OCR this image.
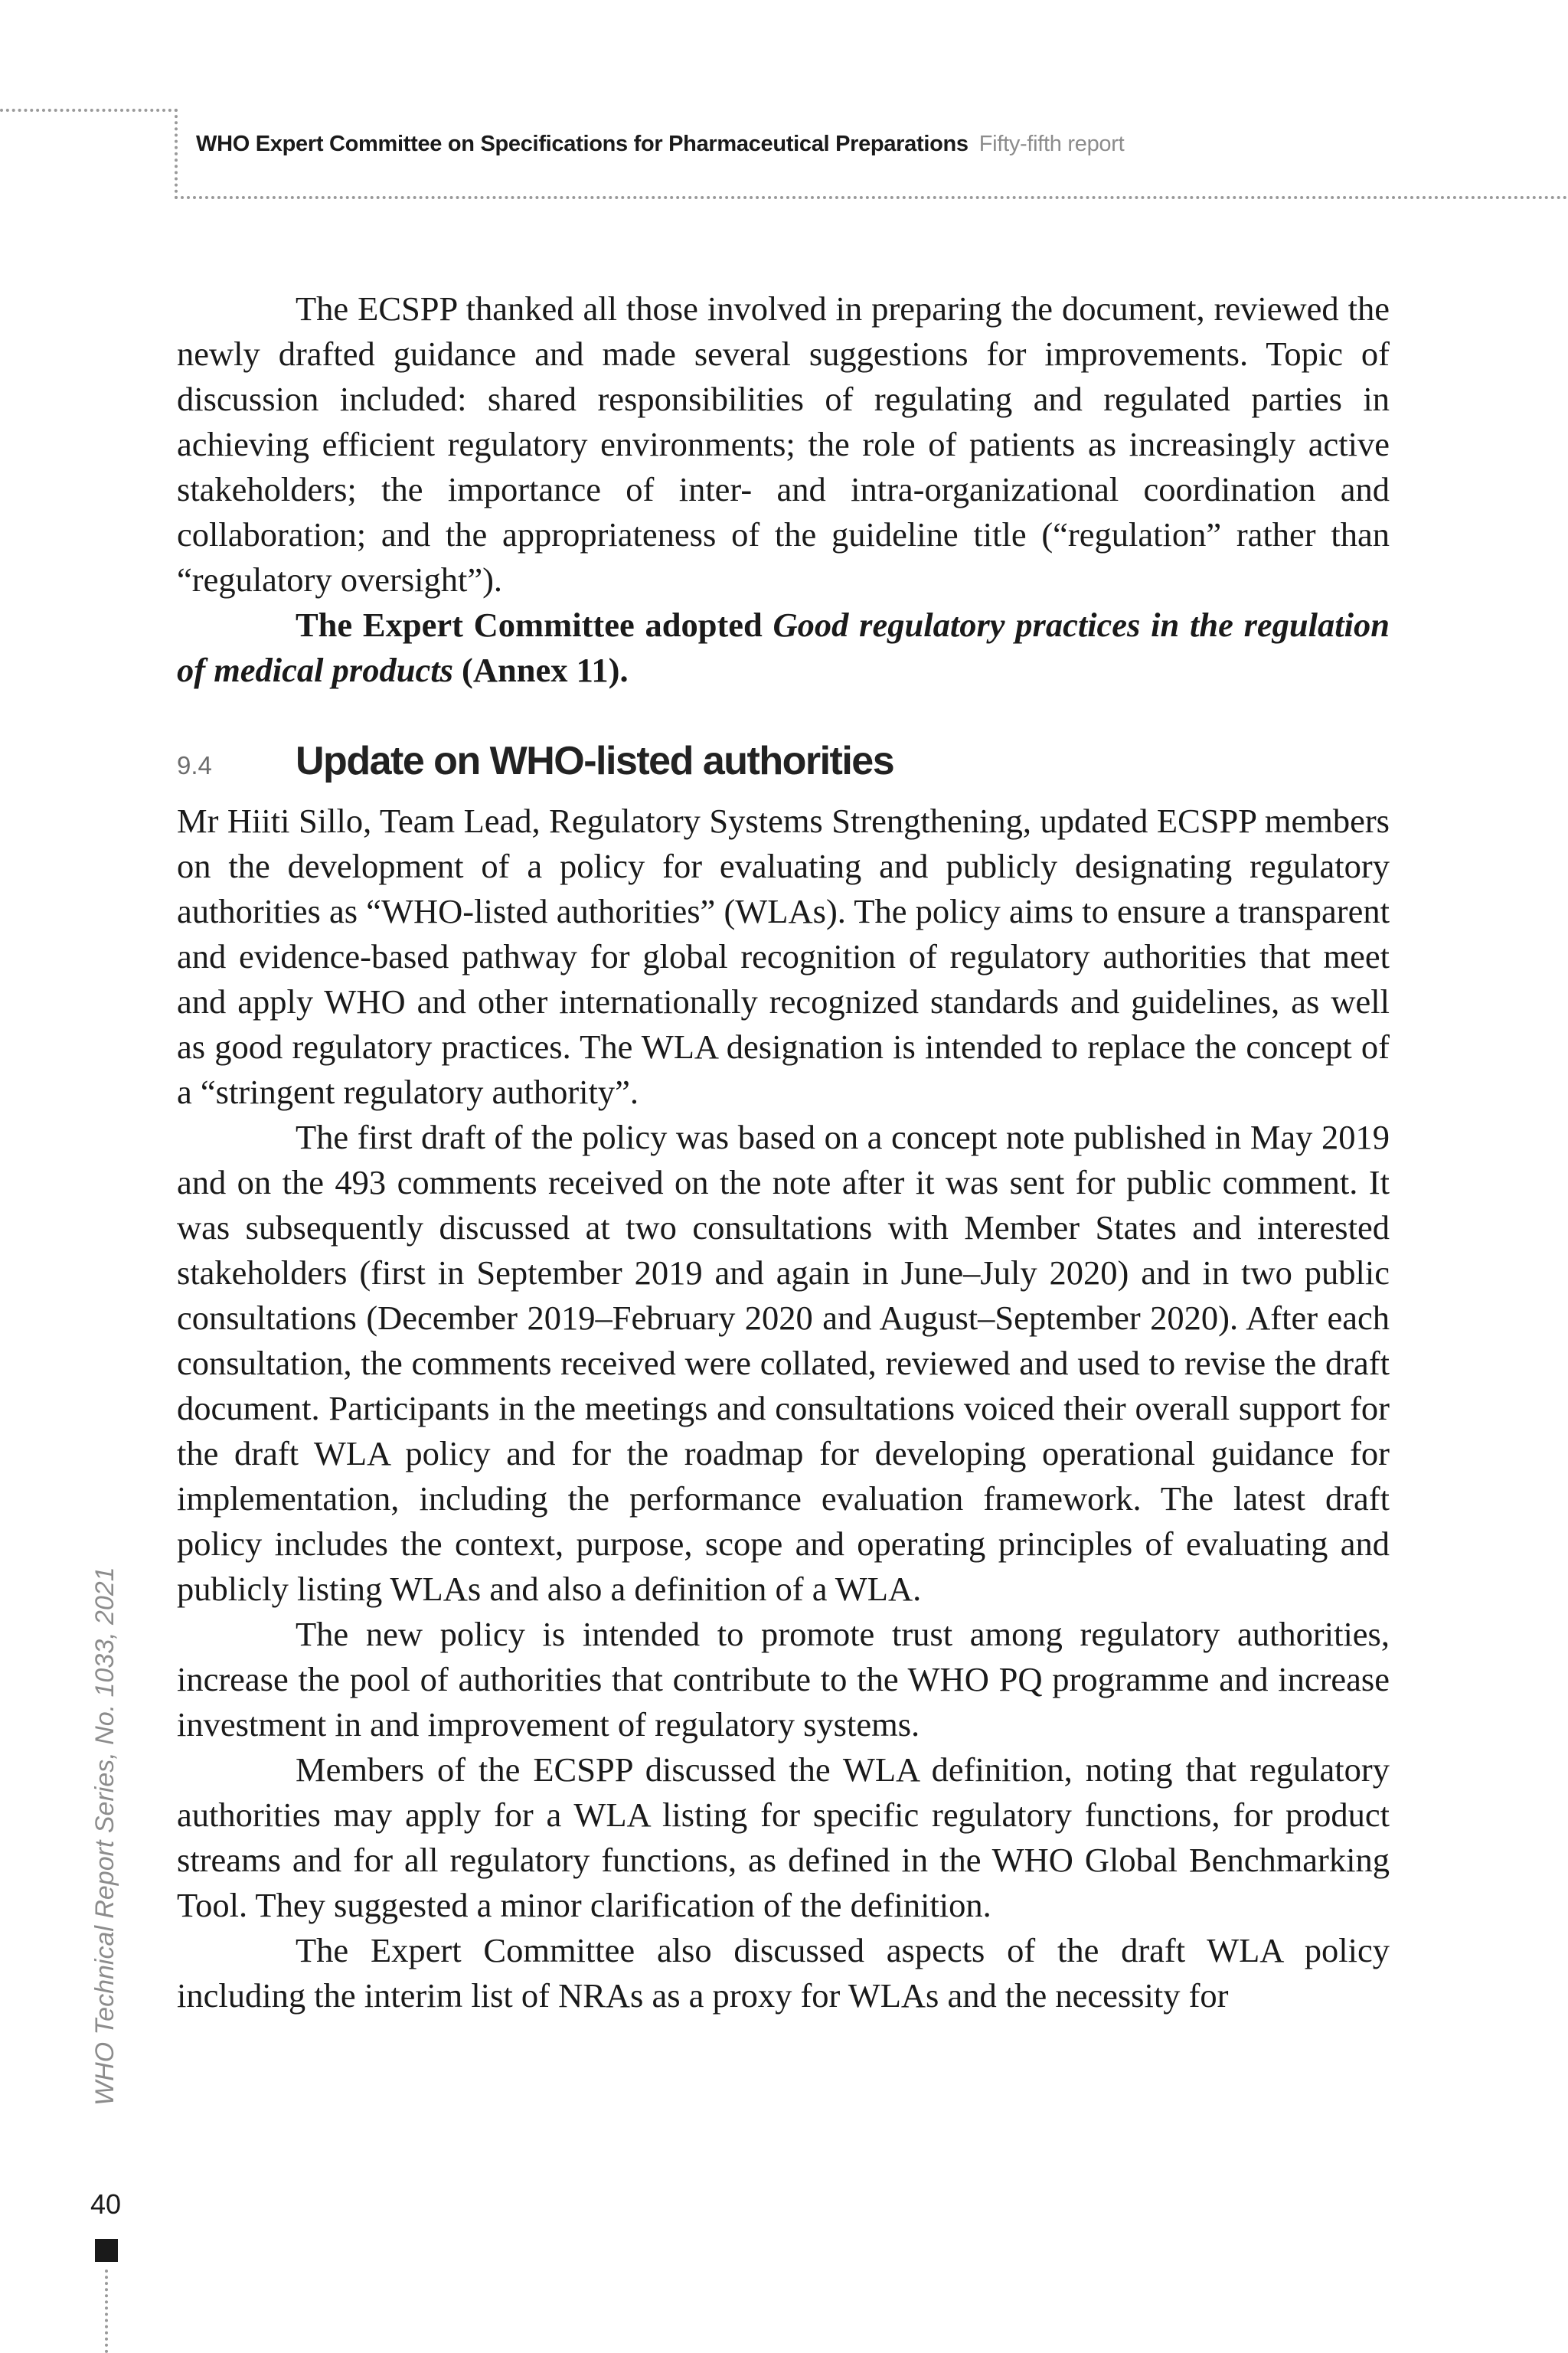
WHO Expert Committee on Specifications for Pharmaceutical Preparations Fifty-fifth report

The ECSPP thanked all those involved in preparing the document, reviewed the newly drafted guidance and made several suggestions for improvements. Topic of discussion included: shared responsibilities of regulating and regulated parties in achieving efficient regulatory environments; the role of patients as increasingly active stakeholders; the importance of inter- and intra-organizational coordination and collaboration; and the appropriateness of the guideline title (“regulation” rather than “regulatory oversight”).

The Expert Committee adopted Good regulatory practices in the regulation of medical products (Annex 11).

9.4	Update on WHO-listed authorities

Mr Hiiti Sillo, Team Lead, Regulatory Systems Strengthening, updated ECSPP members on the development of a policy for evaluating and publicly designating regulatory authorities as “WHO-listed authorities” (WLAs). The policy aims to ensure a transparent and evidence-based pathway for global recognition of regulatory authorities that meet and apply WHO and other internationally recognized standards and guidelines, as well as good regulatory practices. The WLA designation is intended to replace the concept of a “stringent regulatory authority”.

The first draft of the policy was based on a concept note published in May 2019 and on the 493 comments received on the note after it was sent for public comment. It was subsequently discussed at two consultations with Member States and interested stakeholders (first in September 2019 and again in June–July 2020) and in two public consultations (December 2019–February 2020 and August–September 2020). After each consultation, the comments received were collated, reviewed and used to revise the draft document. Participants in the meetings and consultations voiced their overall support for the draft WLA policy and for the roadmap for developing operational guidance for implementation, including the performance evaluation framework. The latest draft policy includes the context, purpose, scope and operating principles of evaluating and publicly listing WLAs and also a definition of a WLA.

The new policy is intended to promote trust among regulatory authorities, increase the pool of authorities that contribute to the WHO PQ programme and increase investment in and improvement of regulatory systems.

Members of the ECSPP discussed the WLA definition, noting that regulatory authorities may apply for a WLA listing for specific regulatory functions, for product streams and for all regulatory functions, as defined in the WHO Global Benchmarking Tool. They suggested a minor clarification of the definition.

The Expert Committee also discussed aspects of the draft WLA policy including the interim list of NRAs as a proxy for WLAs and the necessity for

WHO Technical Report Series, No. 1033, 2021
40
